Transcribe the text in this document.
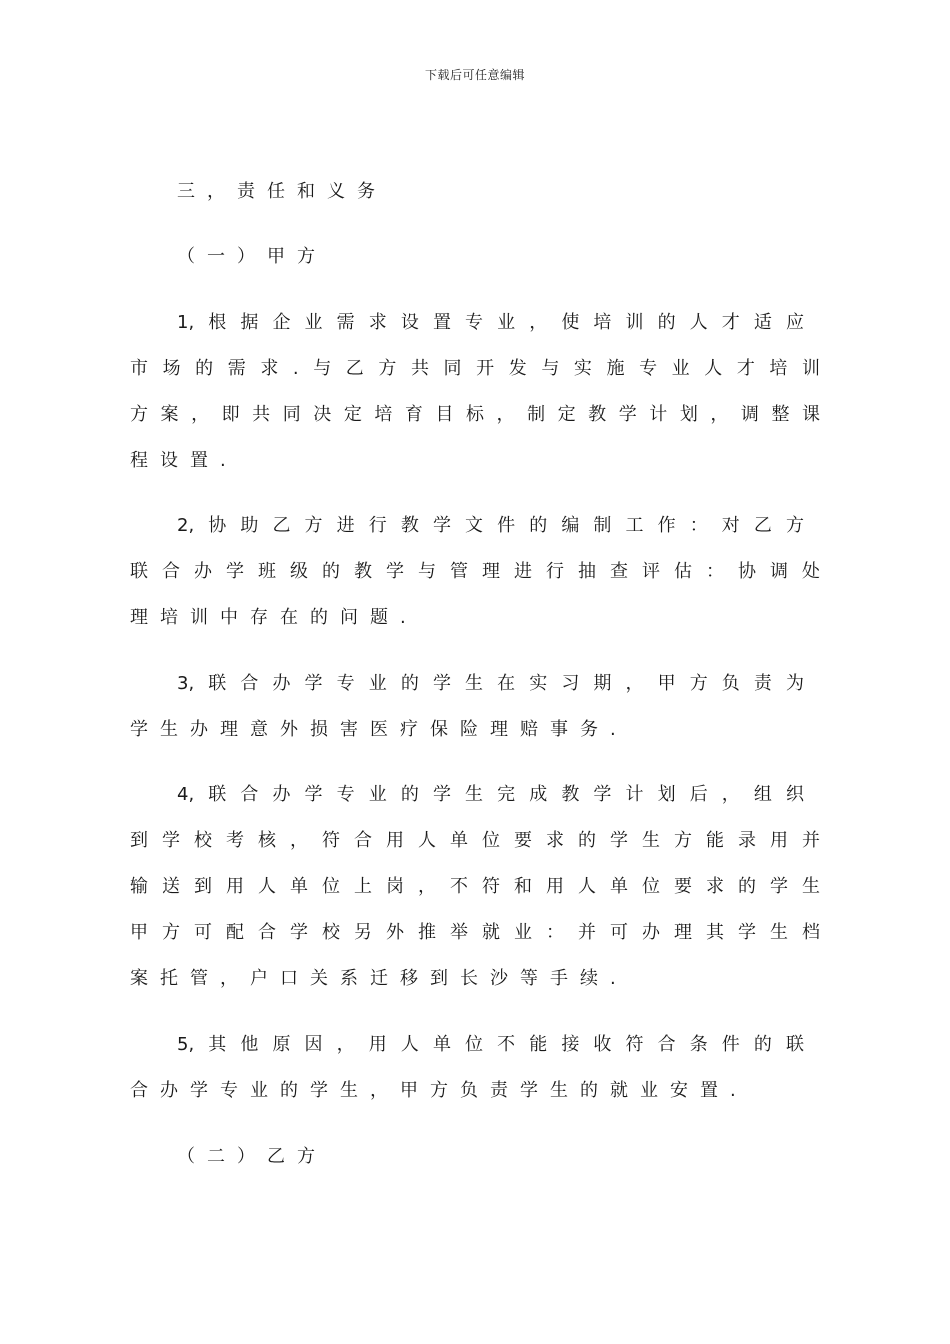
下载后可任意编辑
三，责任和义务
（一）甲方
1,根据企业需求设置专业，使培训的人才适应
市场的需求.与乙方共同开发与实施专业人才培训
方案，即共同决定培育目标，制定教学计划，调整课
程设置.
2,协助乙方进行教学文件的编制工作：对乙方
联合办学班级的教学与管理进行抽查评估：协调处
理培训中存在的问题.
3,联合办学专业的学生在实习期，甲方负责为
学生办理意外损害医疗保险理赔事务.
4,联合办学专业的学生完成教学计划后，组织
到学校考核，符合用人单位要求的学生方能录用并
输送到用人单位上岗，不符和用人单位要求的学生
甲方可配合学校另外推举就业：并可办理其学生档
案托管，户口关系迁移到长沙等手续.
5,其他原因，用人单位不能接收符合条件的联
合办学专业的学生，甲方负责学生的就业安置.
（二）乙方
